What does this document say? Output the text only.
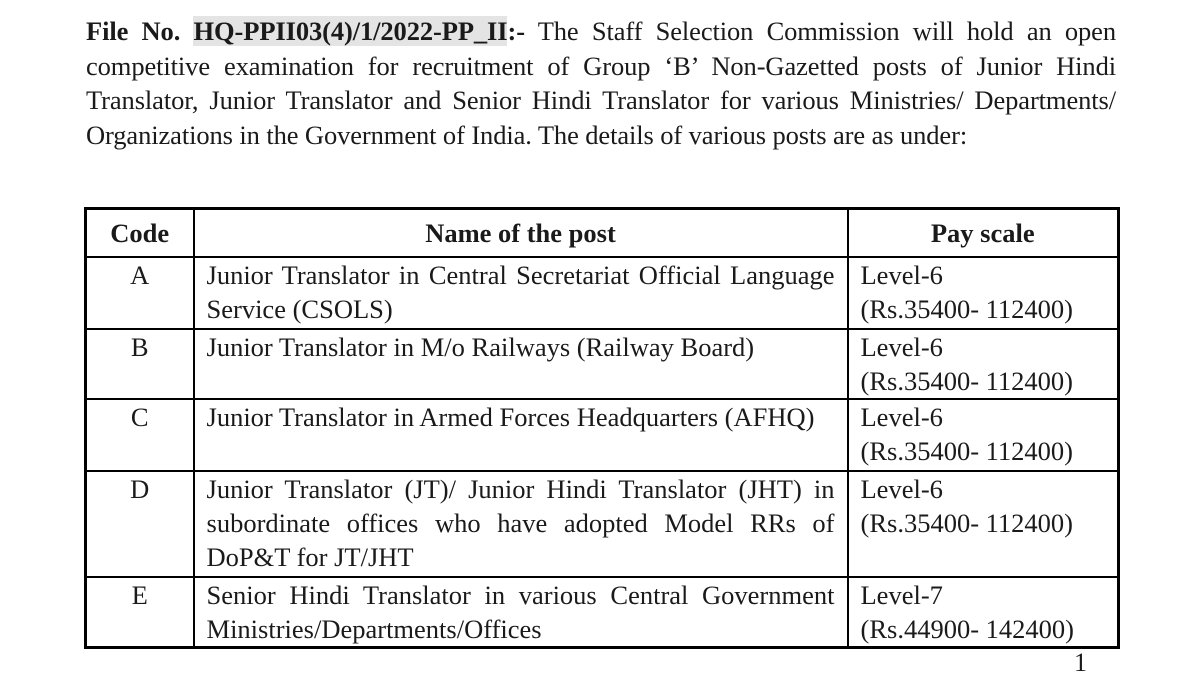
File No. HQ-PPII03(4)/1/2022-PP_II:- The Staff Selection Commission will hold an open competitive examination for recruitment of Group ‘B’ Non-Gazetted posts of Junior Hindi Translator, Junior Translator and Senior Hindi Translator for various Ministries/ Departments/ Organizations in the Government of India. The details of various posts are as under:

Code	Name of the post	Pay scale
A	Junior Translator in Central Secretariat Official Language Service (CSOLS)	Level-6
(Rs.35400- 112400)
B	Junior Translator in M/o Railways (Railway Board)	Level-6
(Rs.35400- 112400)
C	Junior Translator in Armed Forces Headquarters (AFHQ)	Level-6
(Rs.35400- 112400)
D	Junior Translator (JT)/ Junior Hindi Translator (JHT) in subordinate offices who have adopted Model RRs of DoP&T for JT/JHT	Level-6
(Rs.35400- 112400)
E	Senior Hindi Translator in various Central Government Ministries/Departments/Offices	Level-7
(Rs.44900- 142400)
1
